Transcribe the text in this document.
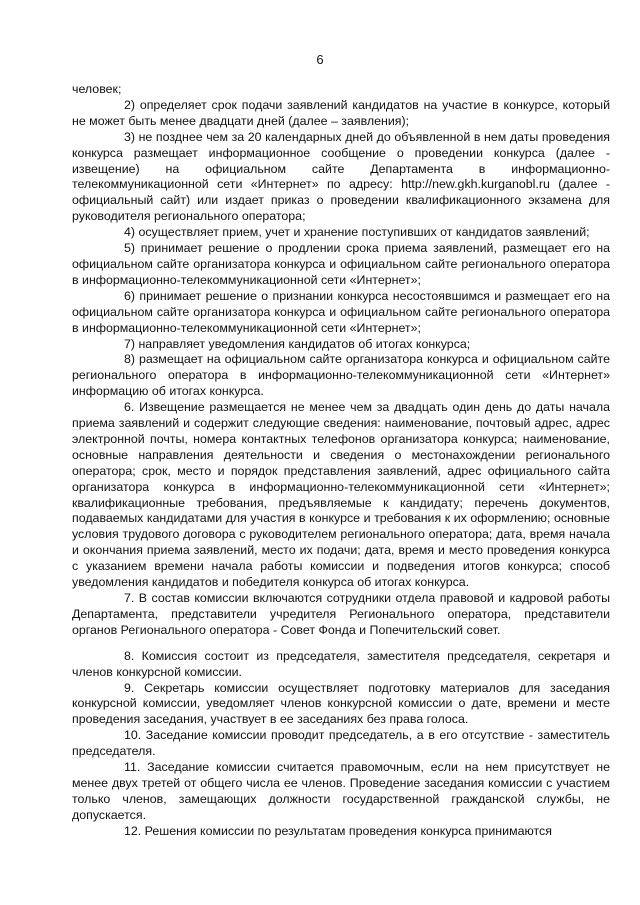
6

человек;

2) определяет срок подачи заявлений кандидатов на участие в конкурсе, который не может быть менее двадцати дней (далее – заявления);

3) не позднее чем за 20 календарных дней до объявленной в нем даты проведения конкурса размещает информационное сообщение о проведении конкурса (далее - извещение) на официальном сайте Департамента в информационно-телекоммуникационной сети «Интернет» по адресу: http://new.gkh.kurganobl.ru (далее - официальный сайт) или издает приказ о проведении квалификационного экзамена для руководителя регионального оператора;

4) осуществляет прием, учет и хранение поступивших от кандидатов заявлений;

5) принимает решение о продлении срока приема заявлений, размещает его на официальном сайте организатора конкурса и официальном сайте регионального оператора в информационно-телекоммуникационной сети «Интернет»;

6) принимает решение о признании конкурса несостоявшимся и размещает его на официальном сайте организатора конкурса и официальном сайте регионального оператора в информационно-телекоммуникационной сети «Интернет»;

7) направляет уведомления кандидатов об итогах конкурса;

8) размещает на официальном сайте организатора конкурса и официальном сайте регионального оператора в информационно-телекоммуникационной сети «Интернет» информацию об итогах конкурса.

6. Извещение размещается не менее чем за двадцать один день до даты начала приема заявлений и содержит следующие сведения: наименование, почтовый адрес, адрес электронной почты, номера контактных телефонов организатора конкурса; наименование, основные направления деятельности и сведения о местонахождении регионального оператора; срок, место и порядок представления заявлений, адрес официального сайта организатора конкурса в информационно-телекоммуникационной сети «Интернет»; квалификационные требования, предъявляемые к кандидату; перечень документов, подаваемых кандидатами для участия в конкурсе и требования к их оформлению; основные условия трудового договора с руководителем регионального оператора; дата, время начала и окончания приема заявлений, место их подачи; дата, время и место проведения конкурса с указанием времени начала работы комиссии и подведения итогов конкурса; способ уведомления кандидатов и победителя конкурса об итогах конкурса.

7. В состав комиссии включаются сотрудники отдела правовой и кадровой работы Департамента, представители учредителя Регионального оператора, представители органов Регионального оператора - Совет Фонда и Попечительский совет.

8. Комиссия состоит из председателя, заместителя председателя, секретаря и членов конкурсной комиссии.

9. Секретарь комиссии осуществляет подготовку материалов для заседания конкурсной комиссии, уведомляет членов конкурсной комиссии о дате, времени и месте проведения заседания, участвует в ее заседаниях без права голоса.

10. Заседание комиссии проводит председатель, а в его отсутствие - заместитель председателя.

11. Заседание комиссии считается правомочным, если на нем присутствует не менее двух третей от общего числа ее членов. Проведение заседания комиссии с участием только членов, замещающих должности государственной гражданской службы, не допускается.

12. Решения комиссии по результатам проведения конкурса принимаются
